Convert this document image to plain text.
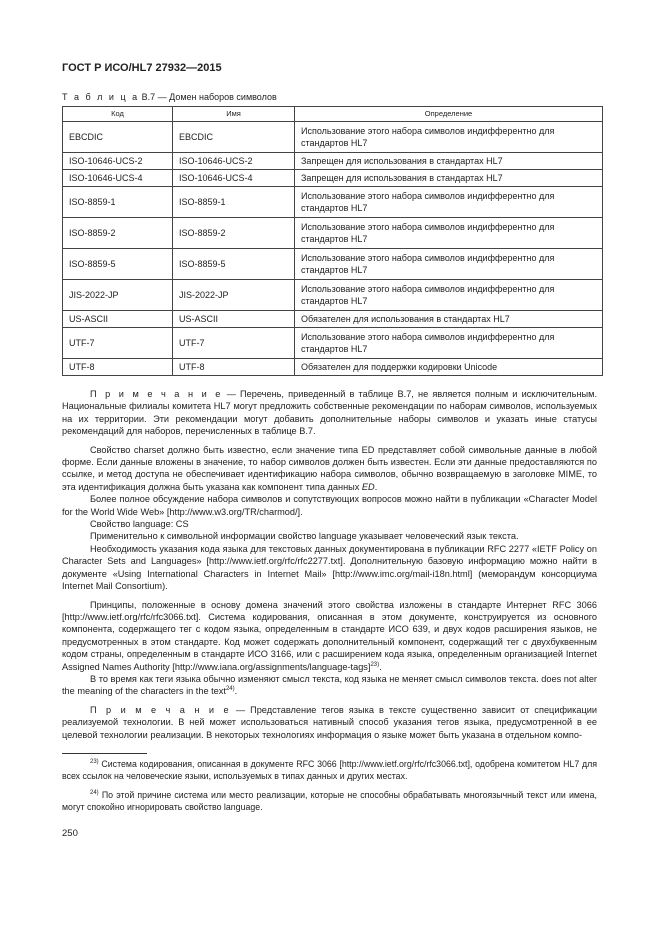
ГОСТ Р ИСО/HL7 27932—2015
Т а б л и ц а В.7 — Домен наборов символов
Код	Имя	Определение
EBCDIC	EBCDIC	Использование этого набора символов индифферентно для стандартов HL7
ISO-10646-UCS-2	ISO-10646-UCS-2	Запрещен для использования в стандартах HL7
ISO-10646-UCS-4	ISO-10646-UCS-4	Запрещен для использования в стандартах HL7
ISO-8859-1	ISO-8859-1	Использование этого набора символов индифферентно для стандартов HL7
ISO-8859-2	ISO-8859-2	Использование этого набора символов индифферентно для стандартов HL7
ISO-8859-5	ISO-8859-5	Использование этого набора символов индифферентно для стандартов HL7
JIS-2022-JP	JIS-2022-JP	Использование этого набора символов индифферентно для стандартов HL7
US-ASCII	US-ASCII	Обязателен для использования в стандартах HL7
UTF-7	UTF-7	Использование этого набора символов индифферентно для стандартов HL7
UTF-8	UTF-8	Обязателен для поддержки кодировки Unicode

П р и м е ч а н и е — Перечень, приведенный в таблице В.7, не является полным и исключительным. Национальные филиалы комитета HL7 могут предложить собственные рекомендации по наборам символов, используемых на их территории. Эти рекомендации могут добавить дополнительные наборы символов и указать иные статусы рекомендаций для наборов, перечисленных в таблице В.7.

Свойство charset должно быть известно, если значение типа ED представляет собой символьные данные в любой форме. Если данные вложены в значение, то набор символов должен быть известен. Если эти данные предоставляются по ссылке, и метод доступа не обеспечивает идентификацию набора символов, обычно возвращаемую в заголовке MIME, то эта идентификация должна быть указана как компонент типа данных ED.

Более полное обсуждение набора символов и сопутствующих вопросов можно найти в публикации «Character Model for the World Wide Web» [http://www.w3.org/TR/charmod/].

Свойство language: CS

Применительно к символьной информации свойство language указывает человеческий язык текста.

Необходимость указания кода языка для текстовых данных документирована в публикации RFC 2277 «IETF Policy on Character Sets and Languages» [http://www.ietf.org/rfc/rfc2277.txt]. Дополнительную базовую информацию можно найти в документе «Using International Characters in Internet Mail» [http://www.imc.org/mail-i18n.html] (меморандум консорциума Internet Mail Consortium).

Принципы, положенные в основу домена значений этого свойства изложены в стандарте Интернет RFC 3066 [http://www.ietf.org/rfc/rfc3066.txt]. Система кодирования, описанная в этом документе, конструируется из основного компонента, содержащего тег с кодом языка, определенным в стандарте ИСО 639, и двух кодов расширения языков, не предусмотренных в этом стандарте. Код может содержать дополнительный компонент, содержащий тег с двухбуквенным кодом страны, определенным в стандарте ИСО 3166, или с расширением кода языка, определенным организацией Internet Assigned Names Authority [http://www.iana.org/assignments/language-tags]$^{23)}$.

В то время как теги языка обычно изменяют смысл текста, код языка не меняет смысл символов текста. does not alter the meaning of the characters in the text$^{24)}$.

П р и м е ч а н и е — Представление тегов языка в тексте существенно зависит от спецификации реализуемой технологии. В ней может использоваться нативный способ указания тегов языка, предусмотренной в ее целевой технологии реализации. В некоторых технологиях информация о языке может быть указана в отдельном компо-

$^{23)}$ Система кодирования, описанная в документе RFC 3066 [http://www.ietf.org/rfc/rfc3066.txt], одобрена комитетом HL7 для всех ссылок на человеческие языки, используемых в типах данных и других местах.

$^{24)}$ По этой причине система или место реализации, которые не способны обрабатывать многоязычный текст или имена, могут спокойно игнорировать свойство language.

250
